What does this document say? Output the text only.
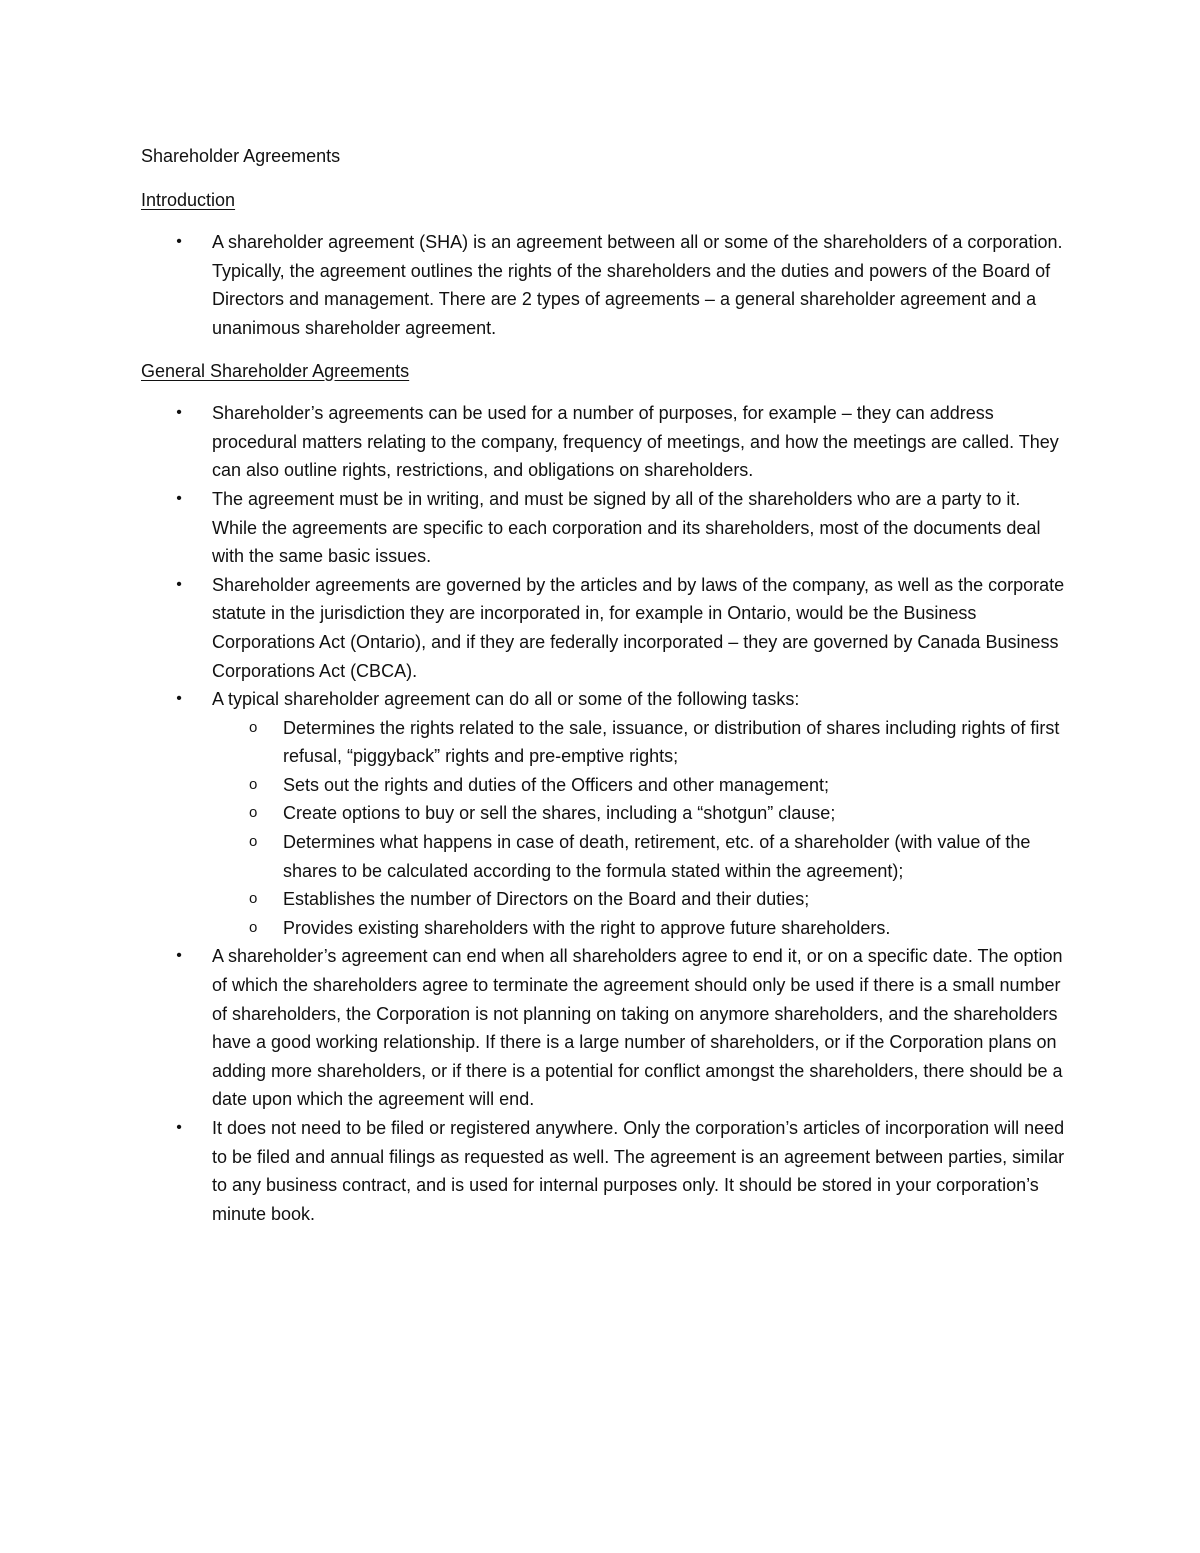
Shareholder Agreements

Introduction

• A shareholder agreement (SHA) is an agreement between all or some of the shareholders of a corporation. Typically, the agreement outlines the rights of the shareholders and the duties and powers of the Board of Directors and management. There are 2 types of agreements – a general shareholder agreement and a unanimous shareholder agreement.

General Shareholder Agreements

• Shareholder’s agreements can be used for a number of purposes, for example – they can address procedural matters relating to the company, frequency of meetings, and how the meetings are called. They can also outline rights, restrictions, and obligations on shareholders.
• The agreement must be in writing, and must be signed by all of the shareholders who are a party to it. While the agreements are specific to each corporation and its shareholders, most of the documents deal with the same basic issues.
• Shareholder agreements are governed by the articles and by laws of the company, as well as the corporate statute in the jurisdiction they are incorporated in, for example in Ontario, would be the Business Corporations Act (Ontario), and if they are federally incorporated – they are governed by Canada Business Corporations Act (CBCA).
• A typical shareholder agreement can do all or some of the following tasks:
o Determines the rights related to the sale, issuance, or distribution of shares including rights of first refusal, “piggyback” rights and pre-emptive rights;
o Sets out the rights and duties of the Officers and other management;
o Create options to buy or sell the shares, including a “shotgun” clause;
o Determines what happens in case of death, retirement, etc. of a shareholder (with value of the shares to be calculated according to the formula stated within the agreement);
o Establishes the number of Directors on the Board and their duties;
o Provides existing shareholders with the right to approve future shareholders.
• A shareholder’s agreement can end when all shareholders agree to end it, or on a specific date. The option of which the shareholders agree to terminate the agreement should only be used if there is a small number of shareholders, the Corporation is not planning on taking on anymore shareholders, and the shareholders have a good working relationship. If there is a large number of shareholders, or if the Corporation plans on adding more shareholders, or if there is a potential for conflict amongst the shareholders, there should be a date upon which the agreement will end.
• It does not need to be filed or registered anywhere. Only the corporation’s articles of incorporation will need to be filed and annual filings as requested as well. The agreement is an agreement between parties, similar to any business contract, and is used for internal purposes only. It should be stored in your corporation’s minute book.
